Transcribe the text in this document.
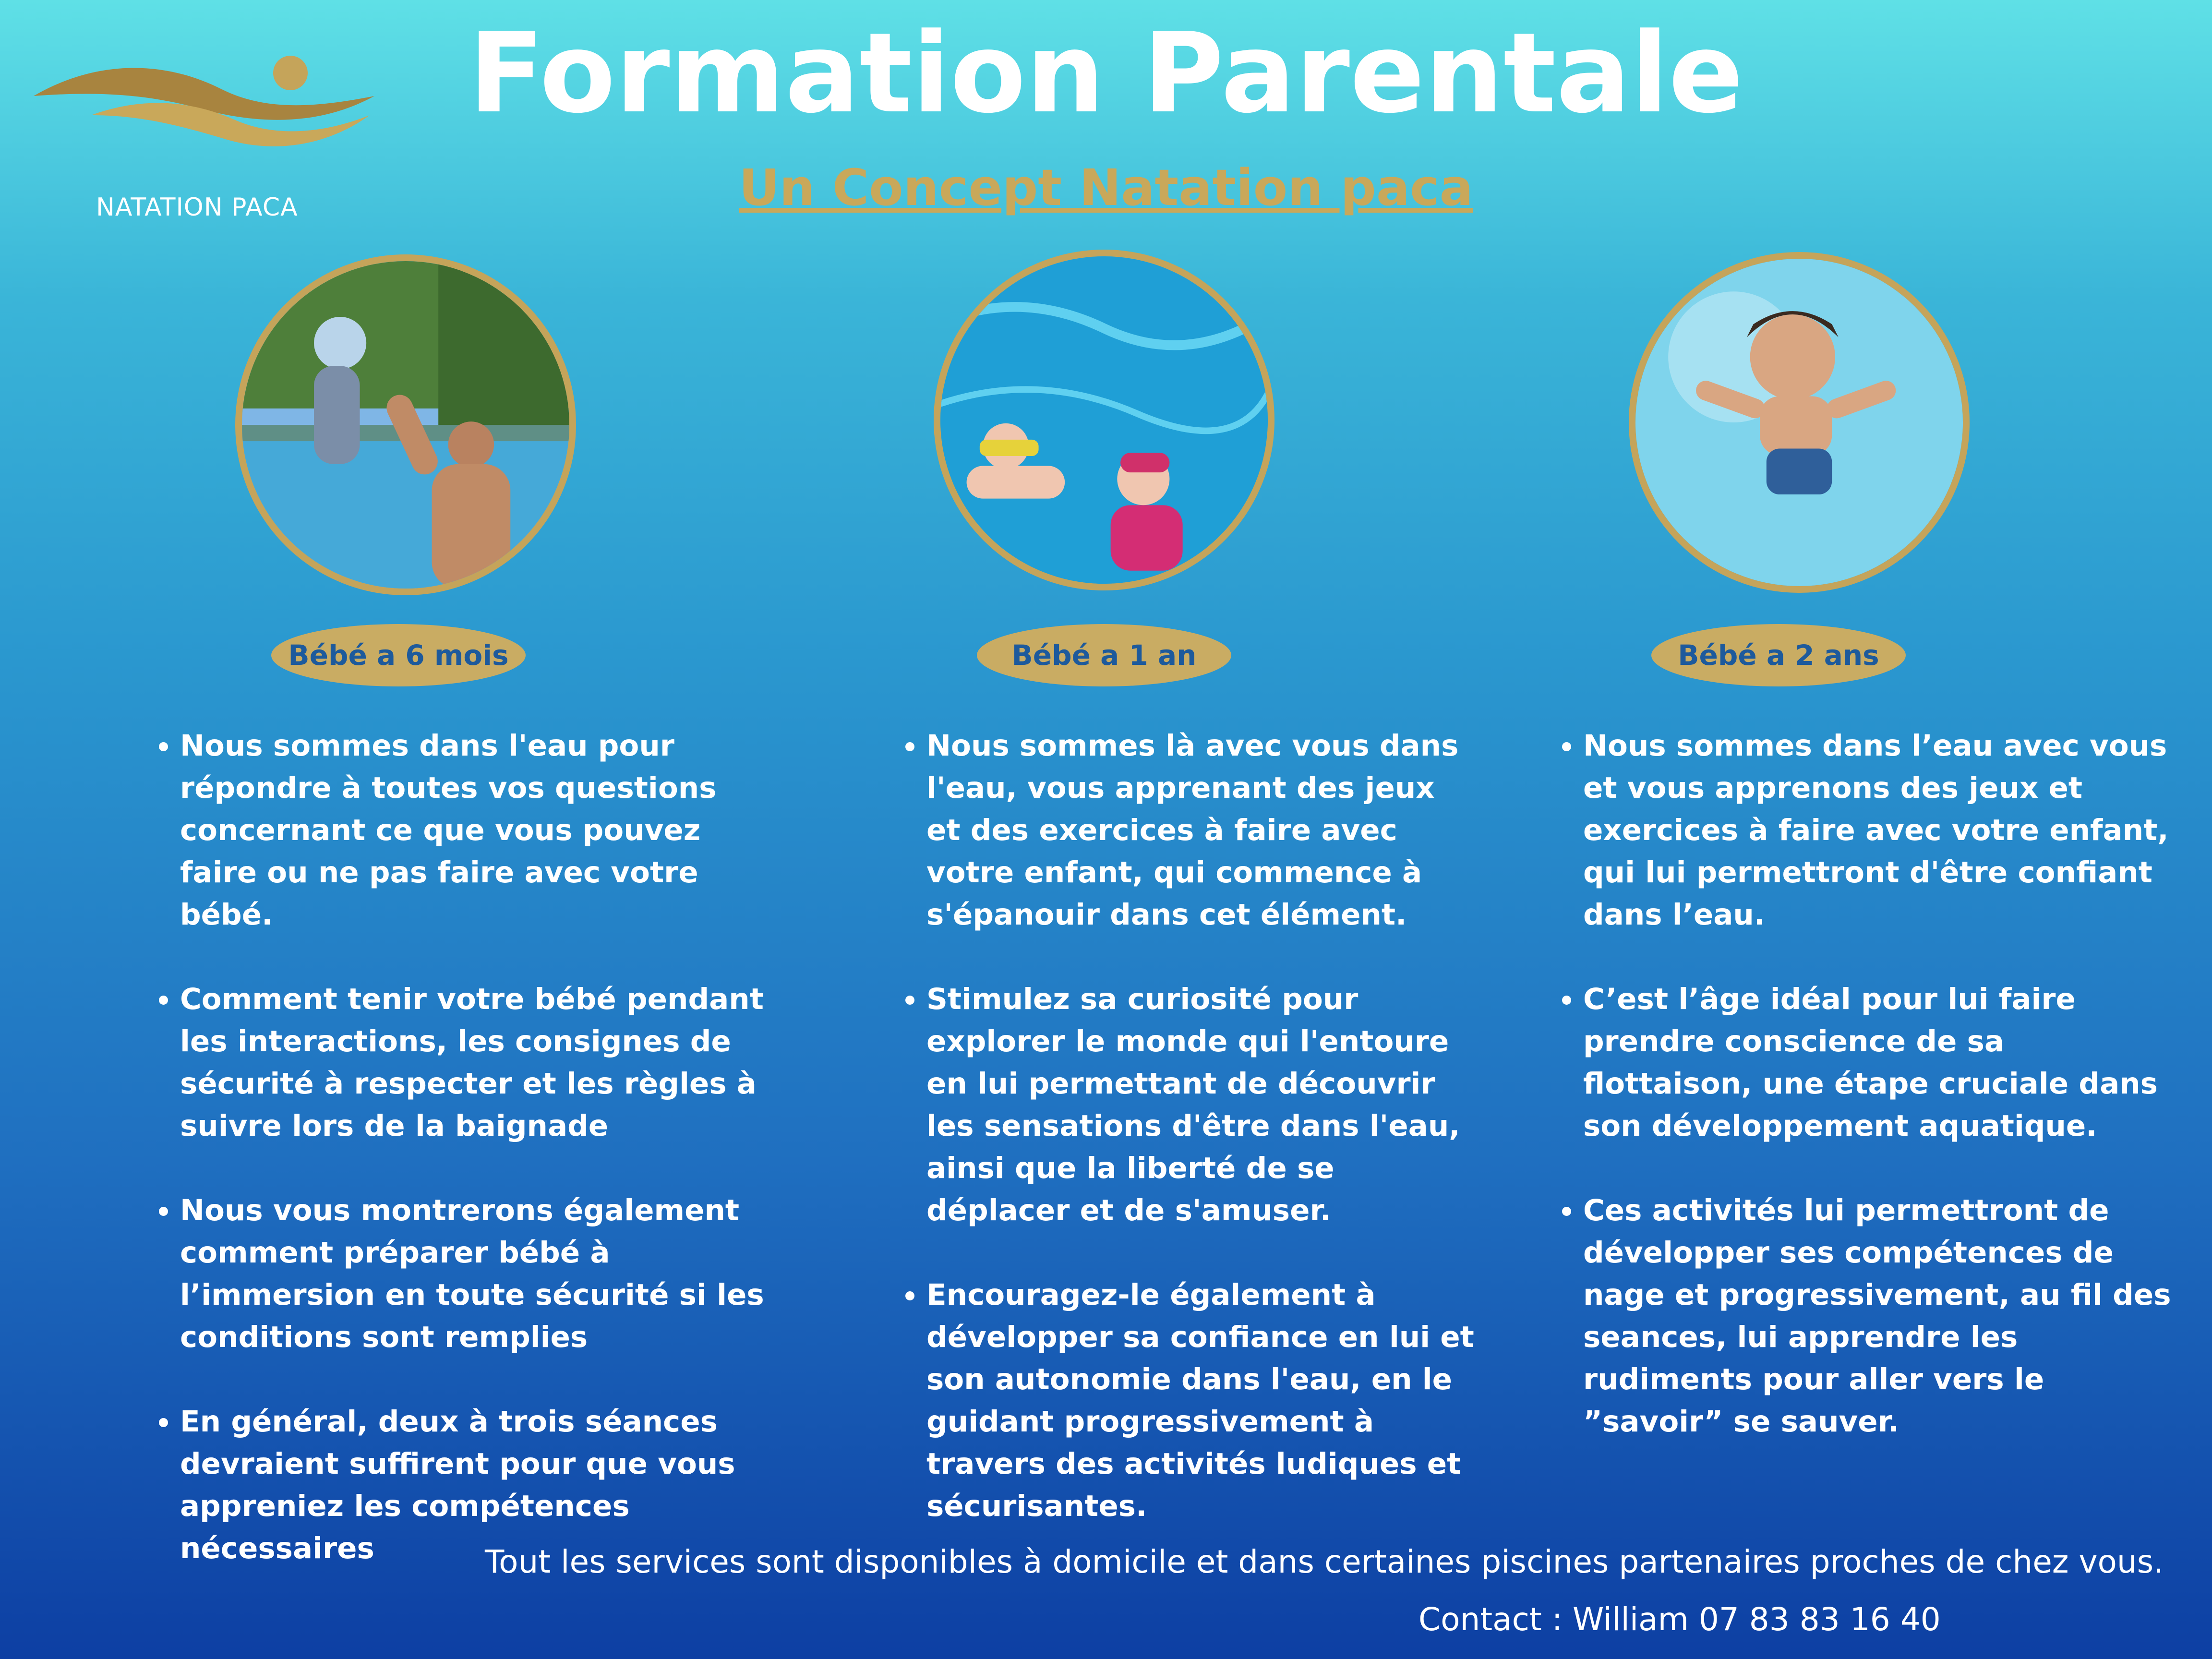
NATATION PACA
Formation Parentale
Un Concept Natation paca
Bébé a 6 mois	Bébé a 1 an	Bébé a 2 ans
• Nous sommes dans l'eau pour répondre à toutes vos questions concernant ce que vous pouvez faire ou ne pas faire avec votre bébé.
• Comment tenir votre bébé pendant les interactions, les consignes de sécurité à respecter et les règles à suivre lors de la baignade
• Nous vous montrerons également comment préparer bébé à l’immersion en toute sécurité si les conditions sont remplies
• En général, deux à trois séances devraient suffirent pour que vous appreniez les compétences nécessaires
• Nous sommes là avec vous dans l'eau, vous apprenant des jeux et des exercices à faire avec votre enfant, qui commence à s'épanouir dans cet élément.
• Stimulez sa curiosité pour explorer le monde qui l'entoure en lui permettant de découvrir les sensations d'être dans l'eau, ainsi que la liberté de se déplacer et de s'amuser.
• Encouragez-le également à développer sa confiance en lui et son autonomie dans l'eau, en le guidant progressivement à travers des activités ludiques et sécurisantes.
• Nous sommes dans l’eau avec vous et vous apprenons des jeux et exercices à faire avec votre enfant, qui lui permettront d'être confiant dans l’eau.
• C’est l’âge idéal pour lui faire prendre conscience de sa flottaison, une étape cruciale dans son développement aquatique.
• Ces activités lui permettront de développer ses compétences de nage et progressivement, au fil des seances, lui apprendre les rudiments pour aller vers le ”savoir” se sauver.
Tout les services sont disponibles à domicile et dans certaines piscines partenaires proches de chez vous.
Contact : William 07 83 83 16 40
